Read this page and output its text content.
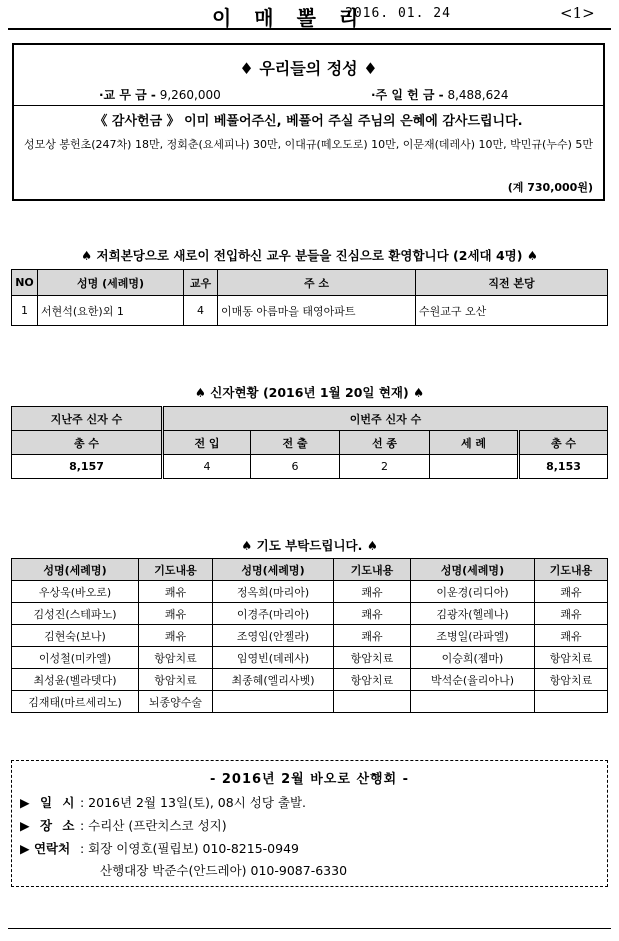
이 매 뽈 리
2016. 01. 24	<1>
♦ 우리들의 정성 ♦
·교 무 금 - 9,260,000	·주 일 헌 금 - 8,488,624
《 감사헌금 》 이미 베풀어주신, 베풀어 주실 주님의 은혜에 감사드립니다.
성모상 봉헌초(247차) 18만, 정회춘(요세피나) 30만, 이대규(떼오도로) 10만, 이문재(데레사) 10만, 박민규(누수) 5만
(계 730,000원)
♠ 저희본당으로 새로이 전입하신 교우 분들을 진심으로 환영합니다 (2세대 4명) ♠
NO	성명 (세례명)	교우	주 소	직전 본당
1	서현석(요한)외 1	4	이매동 아름마을 태영아파트	수원교구 오산
♠ 신자현황 (2016년 1월 20일 현재) ♠
지난주 신자 수	이번주 신자 수				
총 수	전 입	전 출	선 종	세 례	총 수
8,157	4	6	2		8,153
♠ 기도 부탁드립니다. ♠
성명(세례명)	기도내용	성명(세례명)	기도내용	성명(세례명)	기도내용
우상욱(바오로)	쾌유	정옥희(마리아)	쾌유	이운경(리디아)	쾌유
김성진(스테파노)	쾌유	이경주(마리아)	쾌유	김광자(헬레나)	쾌유
김현숙(보나)	쾌유	조영임(안젤라)	쾌유	조병일(라파엘)	쾌유
이성철(미카엘)	항암치료	임영빈(데레사)	항암치료	이승희(젬마)	항암치료
최성윤(벨라뎃다)	항암치료	최종혜(엘리사벳)	항암치료	박석순(율리아나)	항암치료
김재태(마르세리노)	뇌종양수술				
- 2016년 2월 바오로 산행회 -
▶ 일 시 : 2016년 2월 13일(토), 08시 성당 출발.
▶ 장 소 : 수리산 (프란치스코 성지)
▶ 연락처 : 회장 이영호(필립보) 010-8215-0949
산행대장 박준수(안드레아) 010-9087-6330
